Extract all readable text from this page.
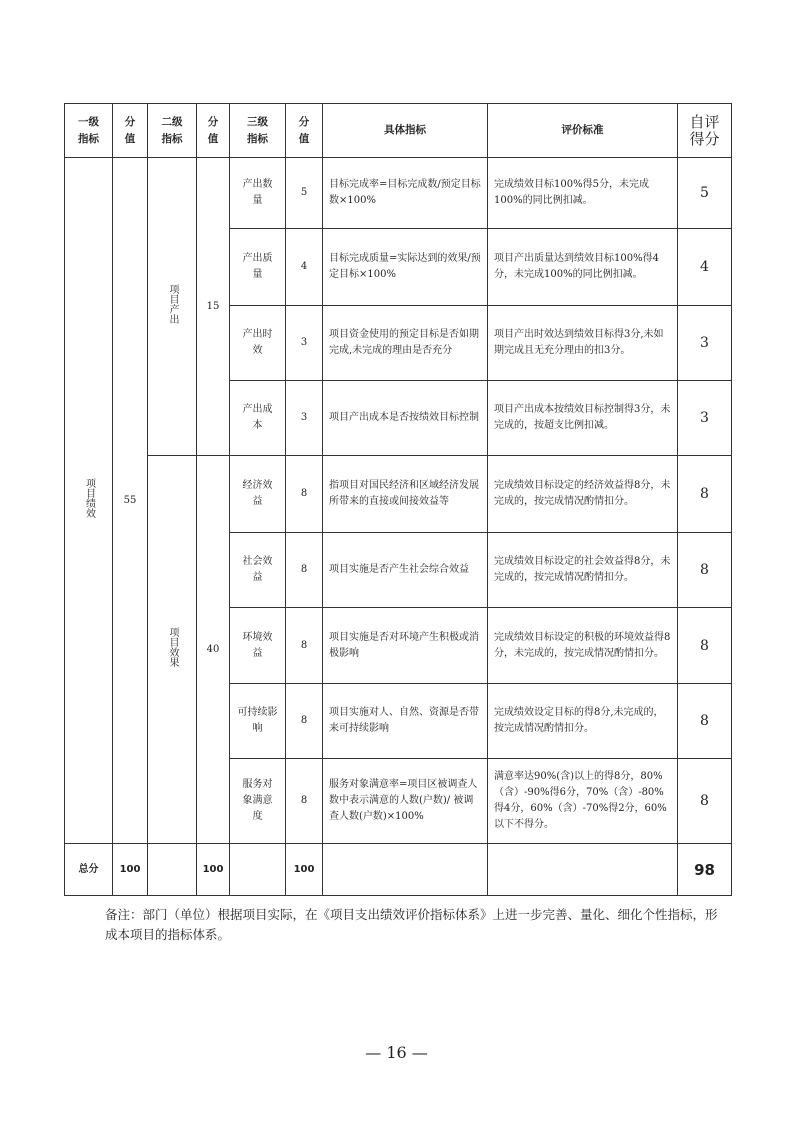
一级指标	分值	二级指标	分值	三级指标	分值	具体指标	评价标准	自评得分
项目绩效	55	项目产出	15	产出数量	5	目标完成率=目标完成数/预定目标数×100%	完成绩效目标100%得5分，未完成100%的同比例扣减。	5
				产出质量	4	目标完成质量=实际达到的效果/预定目标×100%	项目产出质量达到绩效目标100%得4分，未完成100%的同比例扣减。	4
				产出时效	3	项目资金使用的预定目标是否如期完成,未完成的理由是否充分	项目产出时效达到绩效目标得3分,未如期完成且无充分理由的扣3分。	3
				产出成本	3	项目产出成本是否按绩效目标控制	项目产出成本按绩效目标控制得3分，未完成的，按超支比例扣减。	3
		项目效果	40	经济效益	8	指项目对国民经济和区域经济发展所带来的直接或间接效益等	完成绩效目标设定的经济效益得8分，未完成的，按完成情况酌情扣分。	8
				社会效益	8	项目实施是否产生社会综合效益	完成绩效目标设定的社会效益得8分，未完成的，按完成情况酌情扣分。	8
				环境效益	8	项目实施是否对环境产生积极或消极影响	完成绩效目标设定的积极的环境效益得8分，未完成的，按完成情况酌情扣分。	8
				可持续影响	8	项目实施对人、自然、资源是否带来可持续影响	完成绩效设定目标的得8分,未完成的，按完成情况酌情扣分。	8
				服务对象满意度	8	服务对象满意率=项目区被调查人数中表示满意的人数(户数)/ 被调查人数(户数)×100%	满意率达90%(含)以上的得8分，80%（含）-90%得6分，70%（含）-80%得4分，60%（含）-70%得2分，60%以下不得分。	8
总分	100		100		100			98
备注：部门（单位）根据项目实际，在《项目支出绩效评价指标体系》上进一步完善、量化、细化个性指标，形成本项目的指标体系。
— 16 —
